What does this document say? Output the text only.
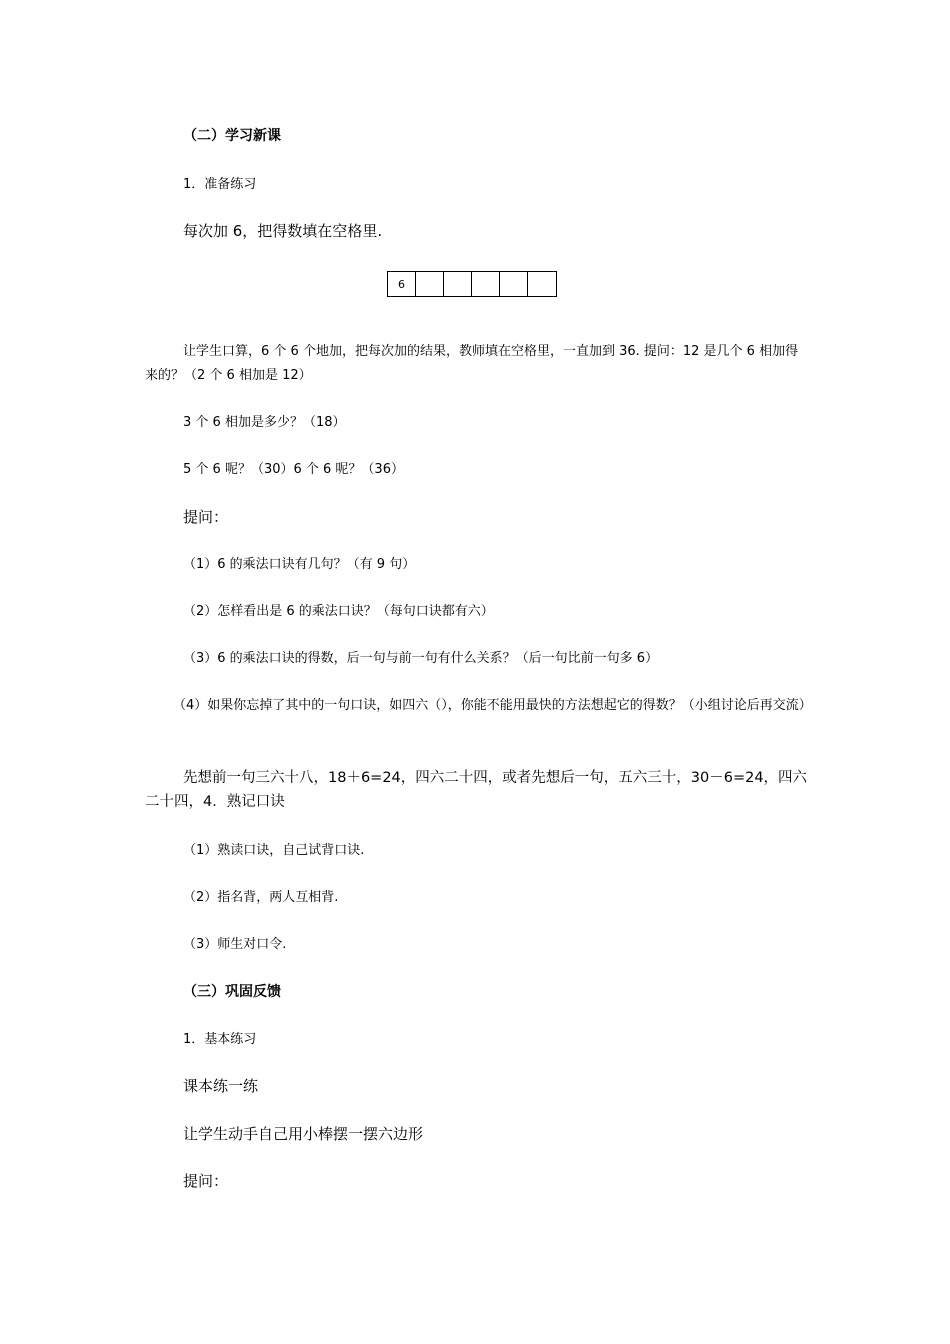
（二）学习新课
1．准备练习
每次加 6，把得数填在空格里.
6
让学生口算，6 个 6 个地加，把每次加的结果，教师填在空格里，一直加到 36. 提问：12 是几个 6 相加得来的？（2 个 6 相加是 12）
3 个 6 相加是多少？（18）
5 个 6 呢？（30）6 个 6 呢？（36）
提问：
（1）6 的乘法口诀有几句？（有 9 句）
（2）怎样看出是 6 的乘法口诀？（每句口诀都有六）
（3）6 的乘法口诀的得数，后一句与前一句有什么关系？（后一句比前一句多 6）
（4）如果你忘掉了其中的一句口诀，如四六（），你能不能用最快的方法想起它的得数？（小组讨论后再交流）
先想前一句三六十八，18＋6=24，四六二十四，或者先想后一句，五六三十，30－6=24，四六二十四，4．熟记口诀
（1）熟读口诀，自己试背口诀.
（2）指名背，两人互相背.
（3）师生对口令.
（三）巩固反馈
1．基本练习
课本练一练
让学生动手自己用小棒摆一摆六边形
提问：
